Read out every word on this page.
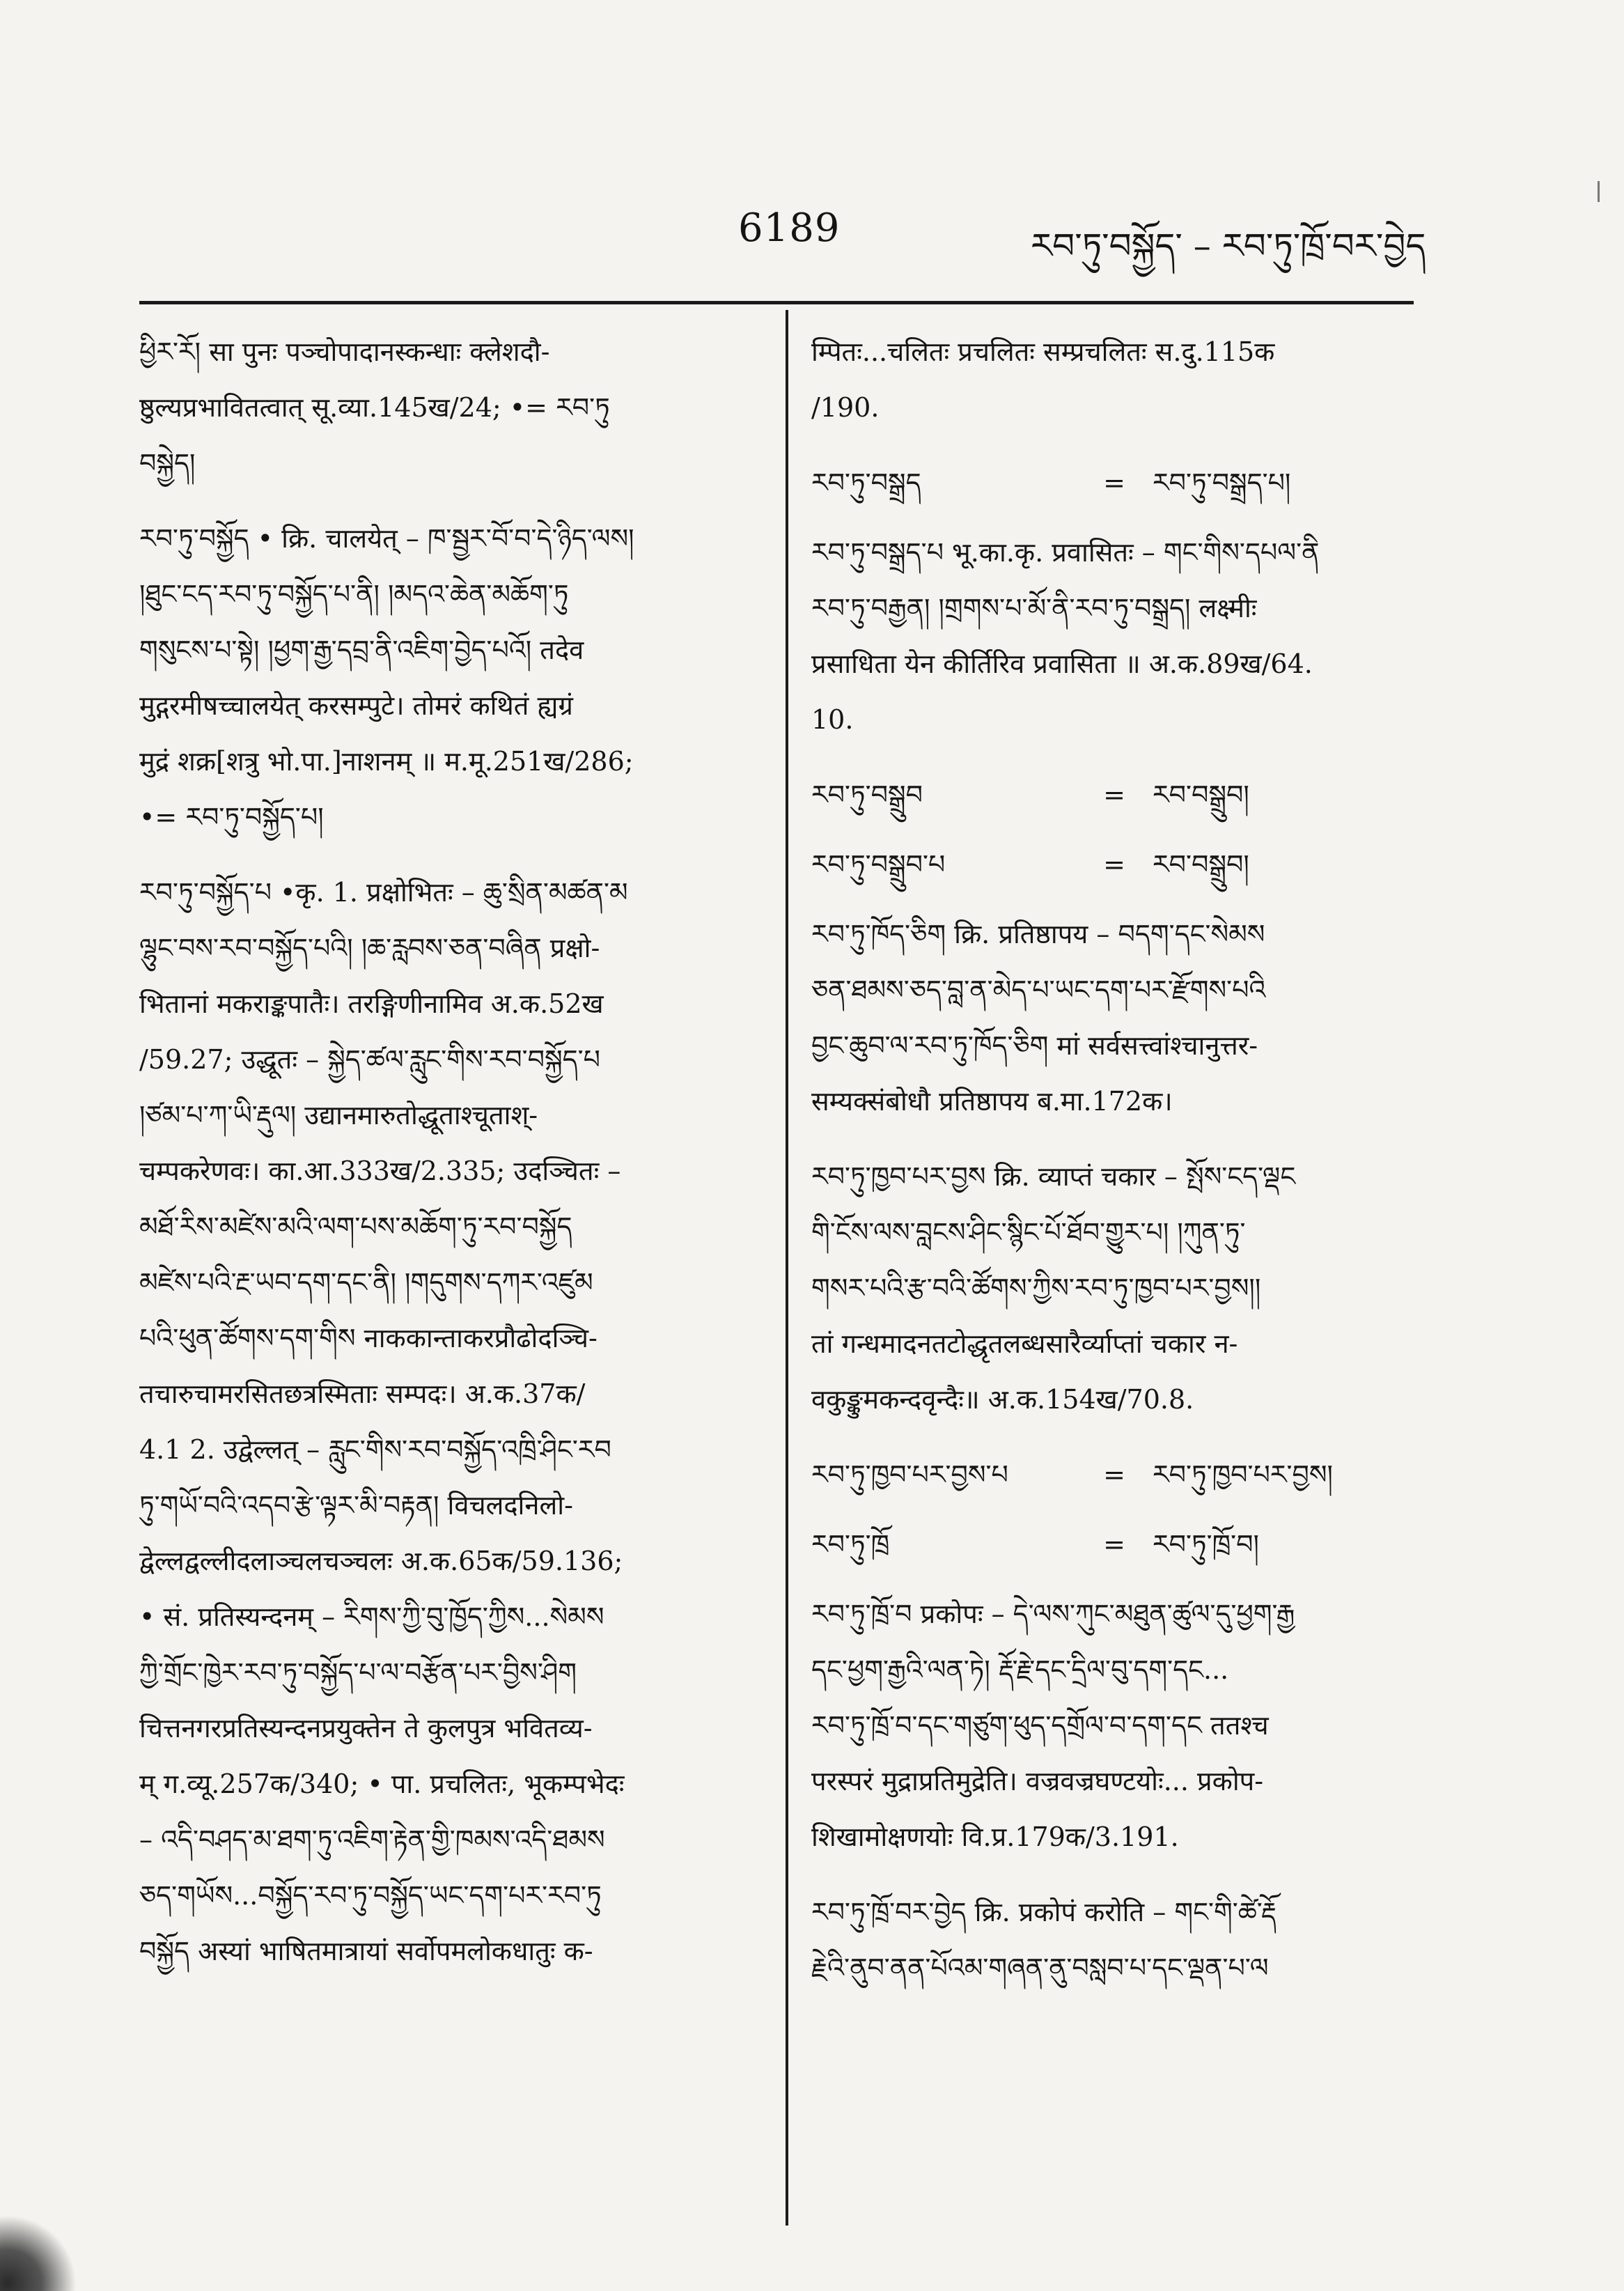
6189	རབ་ཏུ་བསྐྱོད་ – རབ་ཏུ་ཁྲོ་བར་བྱེད
ཕྱིར་རོ། सा पुनः पञ्चोपादानस्कन्धाः क्लेशदौ-
ष्ठुल्यप्रभावितत्वात् सू.व्या.145ख/24; •= རབ་ཏུ
བསྐྱེད།
རབ་ཏུ་བསྐྱོད • क्रि. चालयेत् – ཁ་སྦྱར་བོ་བ་དེ་ཉིད་ལས།
།ཐུང་ངད་རབ་ཏུ་བསྐྱོད་པ་ནི། །མདའ་ཆེན་མཆོག་ཏུ
གསུངས་པ་སྟེ། །ཕྱག་རྒྱ་དབྲ་ནི་འཇིག་བྱེད་པའོ། तदेव
मुद्गरमीषच्चालयेत् करसम्पुटे। तोमरं कथितं ह्यग्रं
मुद्रं शक्र[शत्रु भो.पा.]नाशनम् ॥ म.मू.251ख/286;
•= རབ་ཏུ་བསྐྱོད་པ།
རབ་ཏུ་བསྐྱོད་པ •कृ. 1. प्रक्षोभितः – ཆུ་སྲིན་མཚན་མ
ལྷུང་བས་རབ་བསྐྱོད་པའི། །ཆ་རླབས་ཅན་བཞིན प्रक्षो-
भितानां मकराङ्कपातैः। तरङ्गिणीनामिव अ.क.52ख
/59.27; उद्धूतः – སྐྱེད་ཚལ་རླུང་གིས་རབ་བསྐྱོད་པ
།ཙམ་པ་ཀ་ཡི་རྡུལ། उद्यानमारुतोद्धूताश्चूताश्-
चम्पकरेणवः। का.आ.333ख/2.335; उदञ्चितः –
མཐོ་རིས་མཛེས་མའི་ལག་པས་མཆོག་ཏུ་རབ་བསྐྱོད
མཛེས་པའི་རྔ་ཡབ་དག་དང་ནི། །གདུགས་དཀར་འཛུམ
པའི་ཕུན་ཚོགས་དག་གིས नाककान्ताकरप्रौढोदञ्चि-
तचारुचामरसितछत्रस्मिताः सम्पदः। अ.क.37क/
4.1 2. उद्वेल्लत् – རླུང་གིས་རབ་བསྐྱོད་འཁྲི་ཤིང་རབ
ཏུ་གཡོ་བའི་འདབ་རྩེ་ལྟར་མི་བརྟན། विचलदनिलो-
द्वेल्लद्वल्लीदलाञ्चलचञ्चलः अ.क.65क/59.136;
• सं. प्रतिस्यन्दनम् – རིགས་ཀྱི་བུ་ཁྱོད་ཀྱིས...སེམས
ཀྱི་གྲོང་ཁྱེར་རབ་ཏུ་བསྐྱོད་པ་ལ་བརྩོན་པར་བྱིས་ཤིག
चित्तनगरप्रतिस्यन्दनप्रयुक्तेन ते कुलपुत्र भवितव्य-
म् ग.व्यू.257क/340; • पा. प्रचलितः, भूकम्पभेदः
– འདི་བཤད་མ་ཐག་ཏུ་འཇིག་རྟེན་གྱི་ཁམས་འདི་ཐམས
ཅད་གཡོས...བསྐྱོད་རབ་ཏུ་བསྐྱོད་ཡང་དག་པར་རབ་ཏུ
བསྐྱོད अस्यां भाषितमात्रायां सर्वोपमलोकधातुः क-
म्पितः...चलितः प्रचलितः सम्प्रचलितः स.दु.115क
/190.
རབ་ཏུ་བསྒྲད	=	རབ་ཏུ་བསྒྲད་པ།
རབ་ཏུ་བསྒྲད་པ भू.का.कृ. प्रवासितः – གང་གིས་དཔལ་ནི
རབ་ཏུ་བརྒྱན། །གྲགས་པ་མོ་ནི་རབ་ཏུ་བསྒྲད། लक्ष्मीः
प्रसाधिता येन कीर्तिरिव प्रवासिता ॥ अ.क.89ख/64.
10.
རབ་ཏུ་བསྒྲུབ	=	རབ་བསྒྲུབ།
རབ་ཏུ་བསྒྲུབ་པ	=	རབ་བསྒྲུབ།
རབ་ཏུ་ཁོད་ཅིག क्रि. प्रतिष्ठापय – བདག་དང་སེམས
ཅན་ཐམས་ཅད་བླ་ན་མེད་པ་ཡང་དག་པར་རྫོགས་པའི
བྱང་ཆུབ་ལ་རབ་ཏུ་ཁོད་ཅིག मां सर्वसत्त्वांश्चानुत्तर-
सम्यक्संबोधौ प्रतिष्ठापय ब.मा.172क।
རབ་ཏུ་ཁྱབ་པར་བྱས क्रि. व्याप्तं चकार – སྤོས་ངད་ལྡང
གི་ངོས་ལས་བླངས་ཤིང་སྙིང་པོ་ཐོབ་གྱུར་པ། །ཀུན་ཏུ་
གསར་པའི་རྩ་བའི་ཚོགས་ཀྱིས་རབ་ཏུ་ཁྱབ་པར་བྱས།།
तां गन्धमादनतटोद्धृतलब्धसारैर्व्याप्तां चकार न-
वकुङ्कुमकन्दवृन्दैः॥ अ.क.154ख/70.8.
རབ་ཏུ་ཁྱབ་པར་བྱས་པ	=	རབ་ཏུ་ཁྱབ་པར་བྱས།
རབ་ཏུ་ཁྲོ	=	རབ་ཏུ་ཁྲོ་བ།
རབ་ཏུ་ཁྲོ་བ प्रकोपः – དེ་ལས་ཀུང་མཐུན་ཚུལ་དུ་ཕྱག་རྒྱ
དང་ཕྱག་རྒྱའི་ལན་ཏེ། རྡོ་རྗེ་དང་དྲིལ་བུ་དག་དང...
རབ་ཏུ་ཁྲོ་བ་དང་གཙུག་ཕུད་དགྲོལ་བ་དག་དང ततश्च
परस्परं मुद्राप्रतिमुद्रेति। वज्रवज्रघण्टयोः... प्रकोप-
शिखामोक्षणयोः वि.प्र.179क/3.191.
རབ་ཏུ་ཁྲོ་བར་བྱེད क्रि. प्रकोपं करोति – གང་གི་ཚེ་རྡོ
རྗེའི་ནུབ་ནན་པོའམ་གཞན་ནུ་བསླབ་པ་དང་ལྡན་པ་ལ
